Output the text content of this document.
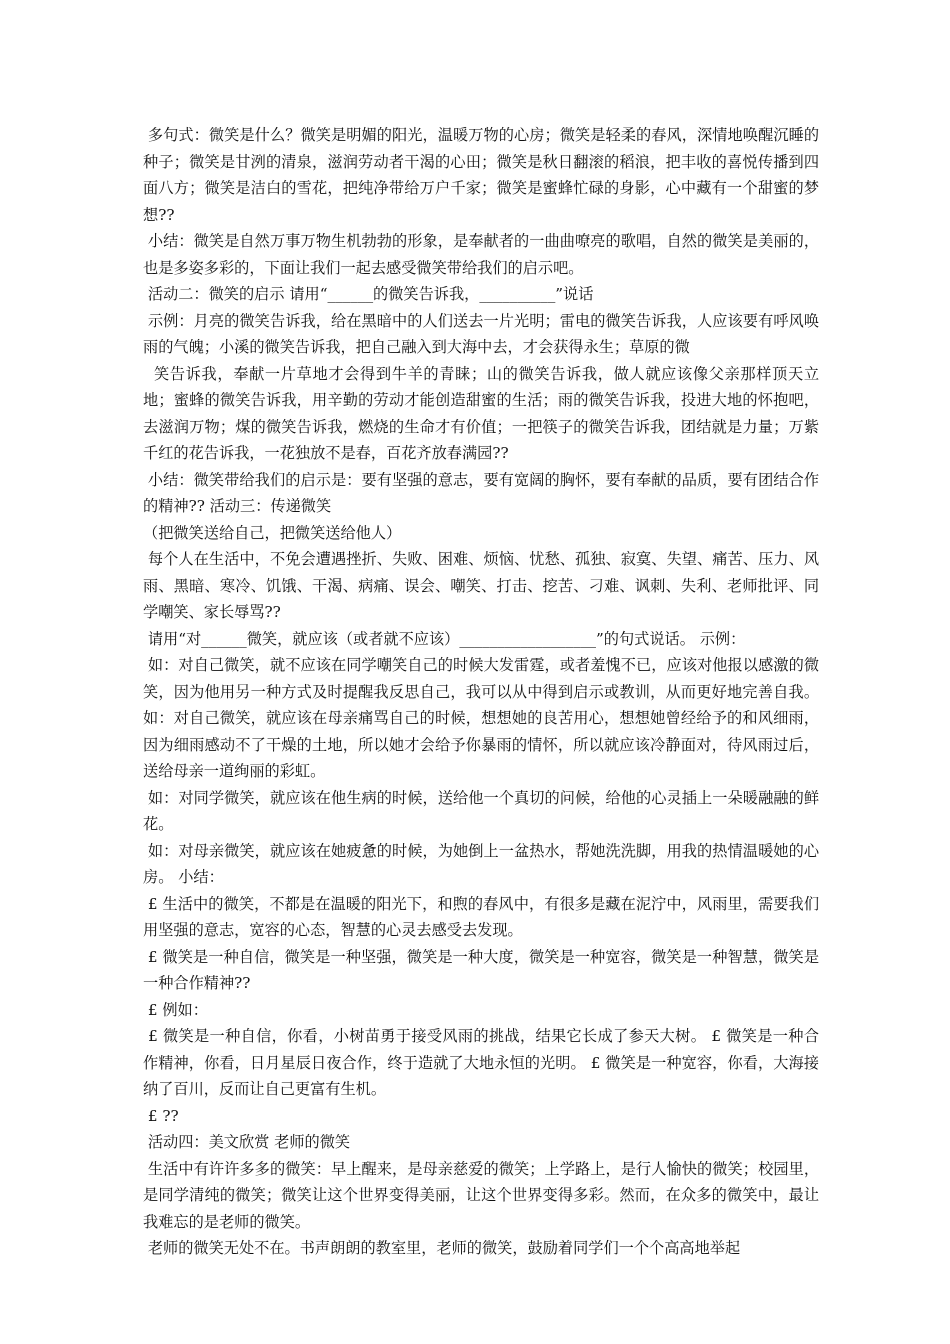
多句式：微笑是什么？微笑是明媚的阳光，温暖万物的心房；微笑是轻柔的春风，深情地唤醒沉睡的种子；微笑是甘洌的清泉，滋润劳动者干渴的心田；微笑是秋日翻滚的稻浪，把丰收的喜悦传播到四面八方；微笑是洁白的雪花，把纯净带给万户千家；微笑是蜜蜂忙碌的身影，心中藏有一个甜蜜的梦想??

小结：微笑是自然万事万物生机勃勃的形象，是奉献者的一曲曲嘹亮的歌唱，自然的微笑是美丽的，也是多姿多彩的，下面让我们一起去感受微笑带给我们的启示吧。

活动二：微笑的启示 请用“______的微笑告诉我，__________”说话

示例：月亮的微笑告诉我，给在黑暗中的人们送去一片光明；雷电的微笑告诉我，人应该要有呼风唤雨的气魄；小溪的微笑告诉我，把自己融入到大海中去，才会获得永生；草原的微

笑告诉我，奉献一片草地才会得到牛羊的青睐；山的微笑告诉我，做人就应该像父亲那样顶天立地；蜜蜂的微笑告诉我，用辛勤的劳动才能创造甜蜜的生活；雨的微笑告诉我，投进大地的怀抱吧，去滋润万物；煤的微笑告诉我，燃烧的生命才有价值；一把筷子的微笑告诉我，团结就是力量；万紫千红的花告诉我，一花独放不是春，百花齐放春满园??

小结：微笑带给我们的启示是：要有坚强的意志，要有宽阔的胸怀，要有奉献的品质，要有团结合作的精神?? 活动三：传递微笑

（把微笑送给自己，把微笑送给他人）

每个人在生活中，不免会遭遇挫折、失败、困难、烦恼、忧愁、孤独、寂寞、失望、痛苦、压力、风雨、黑暗、寒冷、饥饿、干渴、病痛、误会、嘲笑、打击、挖苦、刁难、讽刺、失利、老师批评、同学嘲笑、家长辱骂??

请用“对______微笑，就应该（或者就不应该）__________________”的句式说话。 示例：

如：对自己微笑，就不应该在同学嘲笑自己的时候大发雷霆，或者羞愧不已，应该对他报以感激的微笑，因为他用另一种方式及时提醒我反思自己，我可以从中得到启示或教训，从而更好地完善自我。 如：对自己微笑，就应该在母亲痛骂自己的时候，想想她的良苦用心，想想她曾经给予的和风细雨，因为细雨感动不了干燥的土地，所以她才会给予你暴雨的情怀，所以就应该冷静面对，待风雨过后，送给母亲一道绚丽的彩虹。

如：对同学微笑，就应该在他生病的时候，送给他一个真切的问候，给他的心灵插上一朵暖融融的鲜花。

如：对母亲微笑，就应该在她疲惫的时候，为她倒上一盆热水，帮她洗洗脚，用我的热情温暖她的心房。 小结：

£ 生活中的微笑，不都是在温暖的阳光下，和煦的春风中，有很多是藏在泥泞中，风雨里，需要我们用坚强的意志，宽容的心态，智慧的心灵去感受去发现。

£ 微笑是一种自信，微笑是一种坚强，微笑是一种大度，微笑是一种宽容，微笑是一种智慧，微笑是一种合作精神??

£ 例如：

£ 微笑是一种自信，你看，小树苗勇于接受风雨的挑战，结果它长成了参天大树。 £ 微笑是一种合作精神，你看，日月星辰日夜合作，终于造就了大地永恒的光明。 £ 微笑是一种宽容，你看，大海接纳了百川，反而让自己更富有生机。

£ ??

活动四：美文欣赏 老师的微笑

生活中有许许多多的微笑：早上醒来，是母亲慈爱的微笑；上学路上，是行人愉快的微笑；校园里，是同学清纯的微笑；微笑让这个世界变得美丽，让这个世界变得多彩。然而，在众多的微笑中，最让我难忘的是老师的微笑。

老师的微笑无处不在。书声朗朗的教室里，老师的微笑，鼓励着同学们一个个高高地举起
